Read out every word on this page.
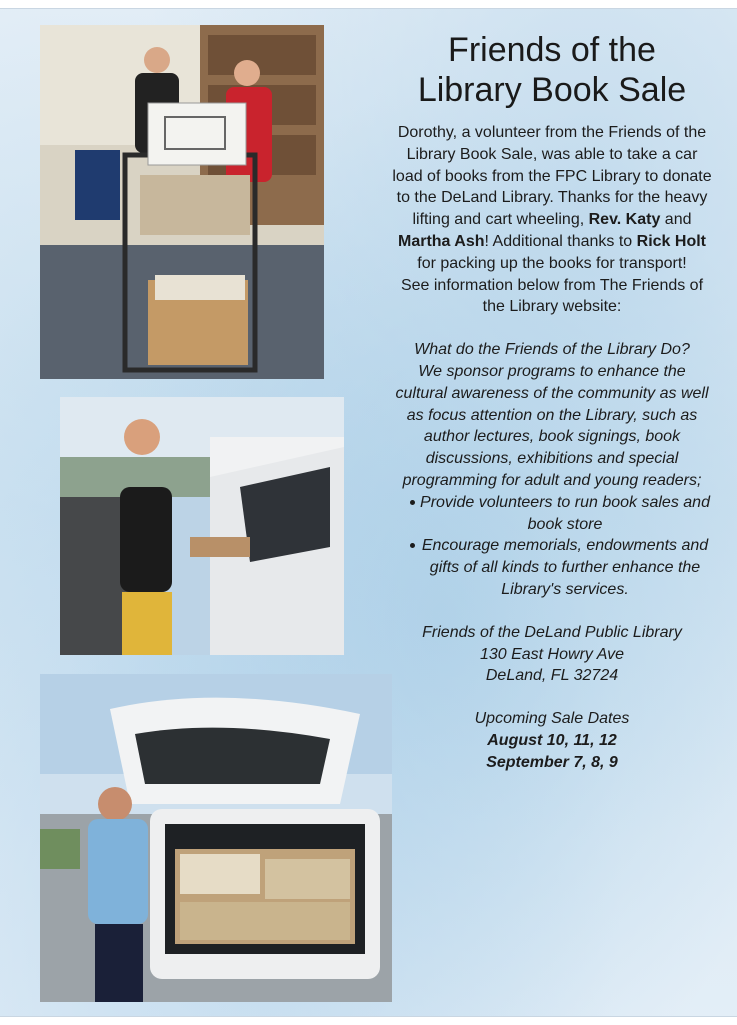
Friends of the Library Book Sale

Dorothy, a volunteer from the Friends of the Library Book Sale, was able to take a car load of books from the FPC Library to donate to the DeLand Library. Thanks for the heavy lifting and cart wheeling, Rev. Katy and Martha Ash! Additional thanks to Rick Holt for packing up the books for transport!

See information below from The Friends of the Library website:

What do the Friends of the Library Do?

We sponsor programs to enhance the cultural awareness of the community as well as focus attention on the Library, such as author lectures, book signings, book discussions, exhibitions and special programming for adult and young readers;

Provide volunteers to run book sales and book store
Encourage memorials, endowments and gifts of all kinds to further enhance the Library's services.

Friends of the DeLand Public Library

130 East Howry Ave

DeLand, FL 32724

Upcoming Sale Dates

August 10, 11, 12

September 7, 8, 9
